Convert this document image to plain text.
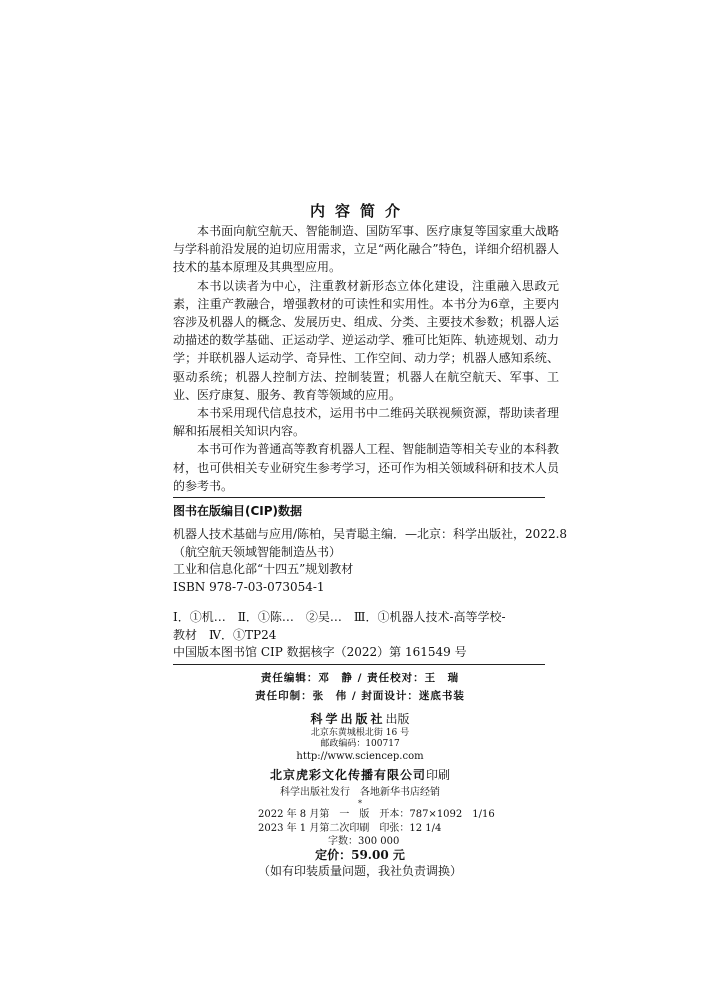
内容简介

本书面向航空航天、智能制造、国防军事、医疗康复等国家重大战略与学科前沿发展的迫切应用需求，立足“两化融合”特色，详细介绍机器人技术的基本原理及其典型应用。

本书以读者为中心，注重教材新形态立体化建设，注重融入思政元素，注重产教融合，增强教材的可读性和实用性。本书分为6章，主要内容涉及机器人的概念、发展历史、组成、分类、主要技术参数；机器人运动描述的数学基础、正运动学、逆运动学、雅可比矩阵、轨迹规划、动力学；并联机器人运动学、奇异性、工作空间、动力学；机器人感知系统、驱动系统；机器人控制方法、控制装置；机器人在航空航天、军事、工业、医疗康复、服务、教育等领域的应用。

本书采用现代信息技术，运用书中二维码关联视频资源，帮助读者理解和拓展相关知识内容。

本书可作为普通高等教育机器人工程、智能制造等相关专业的本科教材，也可供相关专业研究生参考学习，还可作为相关领域科研和技术人员的参考书。

图书在版编目(CIP)数据
机器人技术基础与应用/陈柏，吴青聪主编．—北京：科学出版社，2022.8
（航空航天领域智能制造丛书）
工业和信息化部“十四五”规划教材
ISBN 978-7-03-073054-1
Ⅰ．①机…　Ⅱ．①陈…　②吴…　Ⅲ．①机器人技术-高等学校-
教材　Ⅳ．①TP24
中国版本图书馆 CIP 数据核字（2022）第 161549 号
责任编辑：邓　静 / 责任校对：王　瑞
责任印制：张　伟 / 封面设计：迷底书装
科学出版社出版
北京东黄城根北街 16 号
邮政编码：100717
http://www.sciencep.com
北京虎彩文化传播有限公司印刷
科学出版社发行　各地新华书店经销
*
2022 年 8 月第　一　版　开本：787×1092　1/16
2023 年 1 月第二次印刷　印张：12 1/4
字数：300 000
定价：59.00 元
（如有印装质量问题，我社负责调换）
